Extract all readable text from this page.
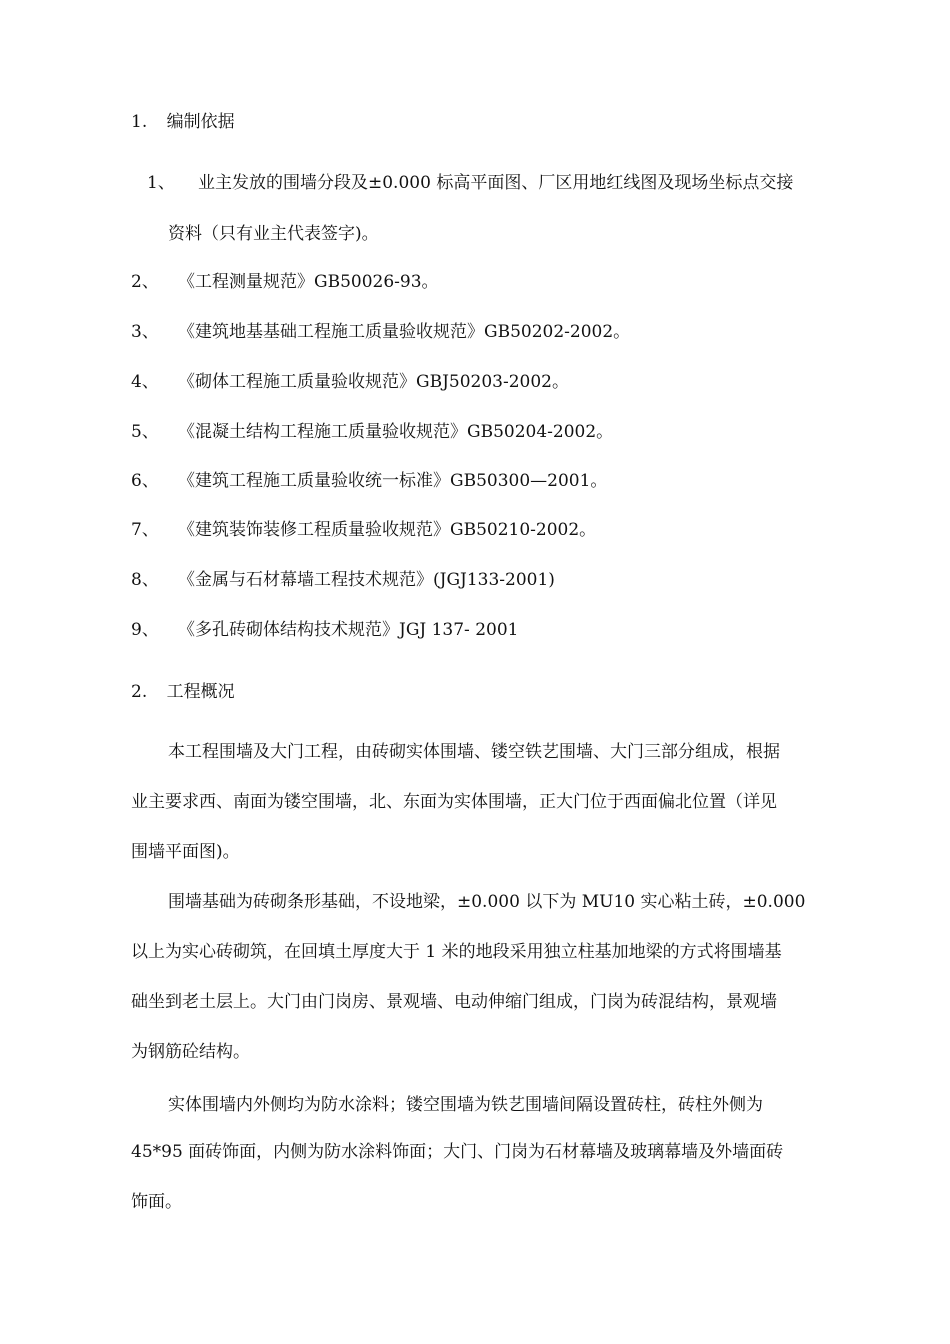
1. 编制依据
1、 业主发放的围墙分段及±0.000 标高平面图、厂区用地红线图及现场坐标点交接
资料（只有业主代表签字)。
2、 《工程测量规范》GB50026-93。
3、 《建筑地基基础工程施工质量验收规范》GB50202-2002。
4、 《砌体工程施工质量验收规范》GBJ50203-2002。
5、 《混凝土结构工程施工质量验收规范》GB50204-2002。
6、 《建筑工程施工质量验收统一标准》GB50300—2001。
7、 《建筑装饰装修工程质量验收规范》GB50210-2002。
8、 《金属与石材幕墙工程技术规范》(JGJ133-2001)
9、 《多孔砖砌体结构技术规范》JGJ 137- 2001
2. 工程概况
本工程围墙及大门工程，由砖砌实体围墙、镂空铁艺围墙、大门三部分组成，根据
业主要求西、南面为镂空围墙，北、东面为实体围墙，正大门位于西面偏北位置（详见
围墙平面图)。
围墙基础为砖砌条形基础，不设地梁，±0.000 以下为 MU10 实心粘土砖，±0.000
以上为实心砖砌筑，在回填土厚度大于 1 米的地段采用独立柱基加地梁的方式将围墙基
础坐到老土层上。大门由门岗房、景观墙、电动伸缩门组成，门岗为砖混结构，景观墙
为钢筋砼结构。
实体围墙内外侧均为防水涂料；镂空围墙为铁艺围墙间隔设置砖柱，砖柱外侧为
45*95 面砖饰面，内侧为防水涂料饰面；大门、门岗为石材幕墙及玻璃幕墙及外墙面砖
饰面。
